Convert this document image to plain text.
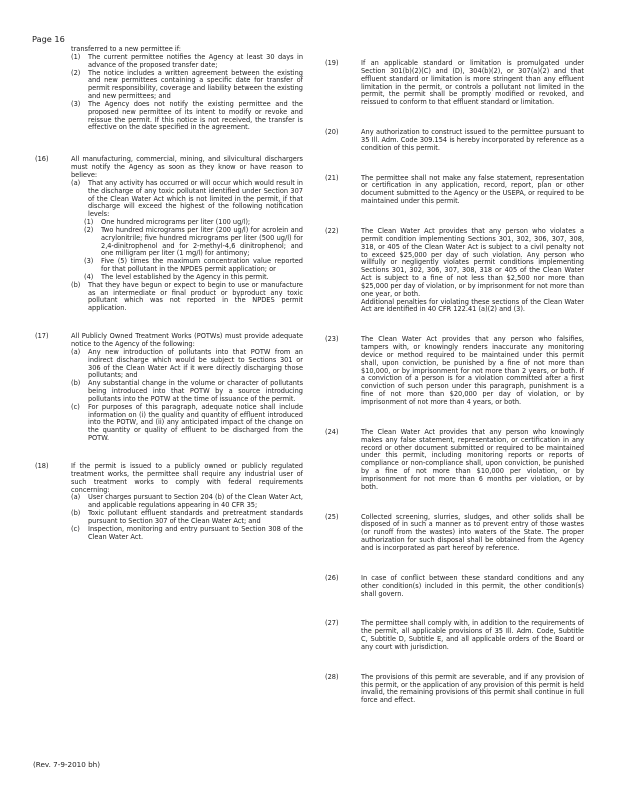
Page 16
transferred to a new permittee if:
(1) The current permittee notifies the Agency at least 30 days in advance of the proposed transfer date;
(2) The notice includes a written agreement between the existing and new permittees containing a specific date for transfer of permit responsibility, coverage and liability between the existing and new permittees; and
(3) The Agency does not notify the existing permittee and the proposed new permittee of its intent to modify or revoke and reissue the permit. If this notice is not received, the transfer is effective on the date specified in the agreement.
(16)	All manufacturing, commercial, mining, and silvicultural dischargers must notify the Agency as soon as they know or have reason to believe:
(a) That any activity has occurred or will occur which would result in the discharge of any toxic pollutant identified under Section 307 of the Clean Water Act which is not limited in the permit, if that discharge will exceed the highest of the following notification levels:
(1) One hundred micrograms per liter (100 ug/l);
(2) Two hundred micrograms per liter (200 ug/l) for acrolein and acrylonitrile; five hundred micrograms per liter (500 ug/l) for 2,4-dinitrophenol and for 2-methyl-4,6 dinitrophenol; and one milligram per liter (1 mg/l) for antimony;
(3) Five (5) times the maximum concentration value reported for that pollutant in the NPDES permit application; or
(4) The level established by the Agency in this permit.
(b) That they have begun or expect to begin to use or manufacture as an intermediate or final product or byproduct any toxic pollutant which was not reported in the NPDES permit application.
(17)	All Publicly Owned Treatment Works (POTWs) must provide adequate notice to the Agency of the following:
(a) Any new introduction of pollutants into that POTW from an indirect discharge which would be subject to Sections 301 or 306 of the Clean Water Act if it were directly discharging those pollutants; and
(b) Any substantial change in the volume or character of pollutants being introduced into that POTW by a source introducing pollutants into the POTW at the time of issuance of the permit.
(c) For purposes of this paragraph, adequate notice shall include information on (i) the quality and quantity of effluent introduced into the POTW, and (ii) any anticipated impact of the change on the quantity or quality of effluent to be discharged from the POTW.
(18)	If the permit is issued to a publicly owned or publicly regulated treatment works, the permittee shall require any industrial user of such treatment works to comply with federal requirements concerning:
(a) User charges pursuant to Section 204 (b) of the Clean Water Act, and applicable regulations appearing in 40 CFR 35;
(b) Toxic pollutant effluent standards and pretreatment standards pursuant to Section 307 of the Clean Water Act; and
(c) Inspection, monitoring and entry pursuant to Section 308 of the Clean Water Act.
(19)	If an applicable standard or limitation is promulgated under Section 301(b)(2)(C) and (D), 304(b)(2), or 307(a)(2) and that effluent standard or limitation is more stringent than any effluent limitation in the permit, or controls a pollutant not limited in the permit, the permit shall be promptly modified or revoked, and reissued to conform to that effluent standard or limitation.
(20)	Any authorization to construct issued to the permittee pursuant to 35 Ill. Adm. Code 309.154 is hereby incorporated by reference as a condition of this permit.
(21)	The permittee shall not make any false statement, representation or certification in any application, record, report, plan or other document submitted to the Agency or the USEPA, or required to be maintained under this permit.
(22)	The Clean Water Act provides that any person who violates a permit condition implementing Sections 301, 302, 306, 307, 308, 318, or 405 of the Clean Water Act is subject to a civil penalty not to exceed $25,000 per day of such violation. Any person who willfully or negligently violates permit conditions implementing Sections 301, 302, 306, 307, 308, 318 or 405 of the Clean Water Act is subject to a fine of not less than $2,500 nor more than $25,000 per day of violation, or by imprisonment for not more than one year, or both.
Additional penalties for violating these sections of the Clean Water Act are identified in 40 CFR 122.41 (a)(2) and (3).
(23)	The Clean Water Act provides that any person who falsifies, tampers with, or knowingly renders inaccurate any monitoring device or method required to be maintained under this permit shall, upon conviction, be punished by a fine of not more than $10,000, or by imprisonment for not more than 2 years, or both. If a conviction of a person is for a violation committed after a first conviction of such person under this paragraph, punishment is a fine of not more than $20,000 per day of violation, or by imprisonment of not more than 4 years, or both.
(24)	The Clean Water Act provides that any person who knowingly makes any false statement, representation, or certification in any record or other document submitted or required to be maintained under this permit, including monitoring reports or reports of compliance or non-compliance shall, upon conviction, be punished by a fine of not more than $10,000 per violation, or by imprisonment for not more than 6 months per violation, or by both.
(25)	Collected screening, slurries, sludges, and other solids shall be disposed of in such a manner as to prevent entry of those wastes (or runoff from the wastes) into waters of the State. The proper authorization for such disposal shall be obtained from the Agency and is incorporated as part hereof by reference.
(26)	In case of conflict between these standard conditions and any other condition(s) included in this permit, the other condition(s) shall govern.
(27)	The permittee shall comply with, in addition to the requirements of the permit, all applicable provisions of 35 Ill. Adm. Code, Subtitle C, Subtitle D, Subtitle E, and all applicable orders of the Board or any court with jurisdiction.
(28)	The provisions of this permit are severable, and if any provision of this permit, or the application of any provision of this permit is held invalid, the remaining provisions of this permit shall continue in full force and effect.
(Rev. 7-9-2010 bh)
